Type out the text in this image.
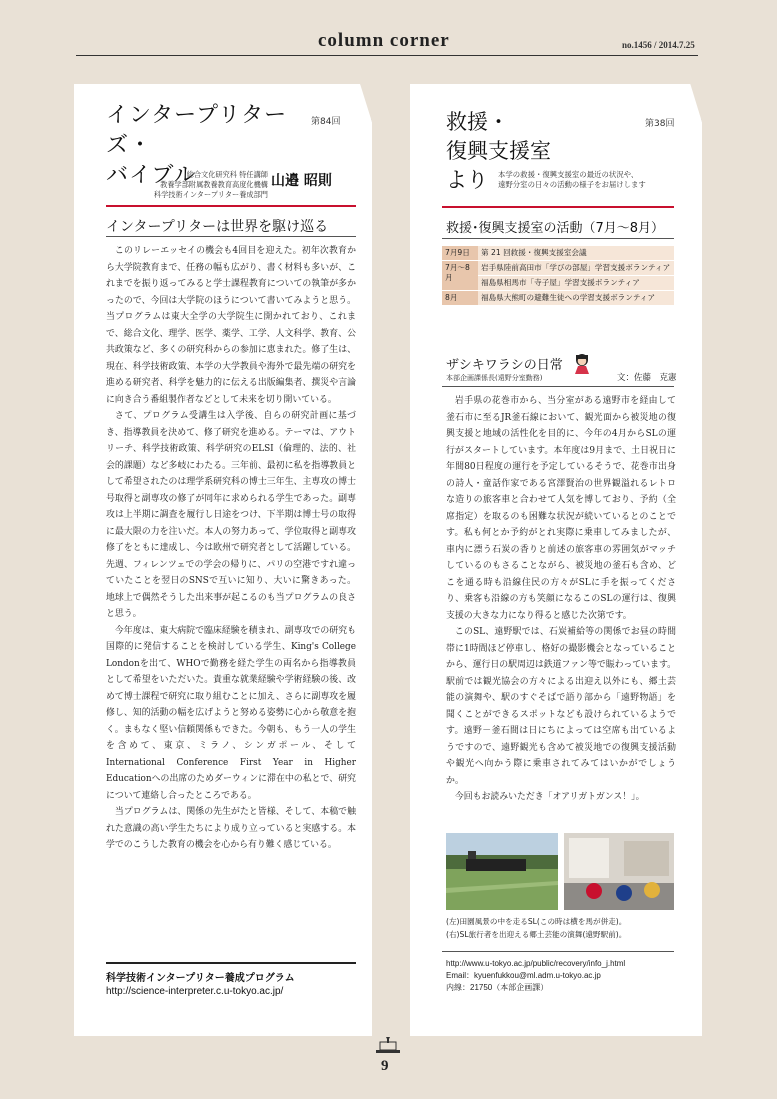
column corner	no.1456 / 2014.7.25
インタープリターズ・
バイブル
第84回
総合文化研究科 特任講師
教養学部附属教養教育高度化機構
科学技術インタープリター養成部門
山邉 昭則
インタープリターは世界を駆け巡る

このリレーエッセイの機会も4回目を迎えた。初年次教育から大学院教育まで、任務の幅も広がり、書く材料も多いが、これまでを振り返ってみると学士課程教育についての執筆が多かったので、今回は大学院のほうについて書いてみようと思う。当プログラムは東大全学の大学院生に開かれており、これまで、総合文化、理学、医学、薬学、工学、人文科学、教育、公共政策など、多くの研究科からの参加に恵まれた。修了生は、現在、科学技術政策、本学の大学教員や海外で最先端の研究を進める研究者、科学を魅力的に伝える出版編集者、撰災や言論に向き合う番組製作者などとして未来を切り開いている。

さて、プログラム受講生は入学後、自らの研究計画に基づき、指導教員を決めて、修了研究を進める。テーマは、アウトリーチ、科学技術政策、科学研究のELSI（倫理的、法的、社会的課題）など多岐にわたる。三年前、最初に私を指導教員として希望されたのは理学系研究科の博士三年生、主専攻の博士号取得と副専攻の修了が同年に求められる学生であった。副専攻は上半期に調査を履行し日途をつけ、下半期は博士号の取得に最大限の力を注いだ。本人の努力あって、学位取得と副専攻修了をともに達成し、今は欧州で研究者として活躍している。先週、フィレンツェでの学会の帰りに、パリの空港ですれ違っていたことを翌日のSNSで互いに知り、大いに驚きあった。地球上で偶然そうした出来事が起こるのも当プログラムの良さと思う。

今年度は、東大病院で臨床経験を積まれ、副専攻での研究も国際的に発信することを検討している学生、King's College Londonを出て、WHOで勤務を経た学生の両名から指導教員として希望をいただいた。貴重な就業経験や学術経験の後、改めて博士課程で研究に取り組むことに加え、さらに副専攻を履修し、知的活動の幅を広げようと努める姿勢に心から敬意を抱く。まもなく堅い信頼関係もできた。今朝も、もう一人の学生を含めて、東京、ミラノ、シンガポール、そしてInternational Conference First Year in Higher Educationへの出席のためダーウィンに滞在中の私とで、研究について連絡し合ったところである。

当プログラムは、関係の先生がたと皆様、そして、本稿で触れた意識の高い学生たちにより成り立っていると実感する。本学でのこうした教育の機会を心から有り難く感じている。

科学技術インタープリター養成プログラム
http://science-interpreter.c.u-tokyo.ac.jp/
救援・
復興支援室
より
第38回
本学の救援・復興支援室の最近の状況や、
遠野分室の日々の活動の様子をお届けします
救援･復興支援室の活動（7月〜8月）
7月9日	第 21 回救援・復興支援室会議
7月〜8月	岩手県陸前高田市「学びの部屋」学習支援ボランティア
	福島県相馬市「寺子屋」学習支援ボランティア
8月	福島県大熊町の避難生徒への学習支援ボランティア
ザシキワラシの日常
本部企画課係長(遠野分室勤務)	文：佐藤　克憲

岩手県の花巻市から、当分室がある遠野市を経由して釜石市に至るJR釜石線において、観光面から被災地の復興支援と地域の活性化を目的に、今年の4月からSLの運行がスタートしています。本年度は9月まで、土日祝日に年間80日程度の運行を予定しているそうで、花巻市出身の詩人・童話作家である宮澤賢治の世界観溢れるレトロな造りの旅客車と合わせて人気を博しており、予約（全席指定）を取るのも困難な状況が続いているとのことです。私も何とか予約がとれ実際に乗車してみましたが、車内に漂う石炭の香りと前述の旅客車の雰囲気がマッチしているのもさることながら、被災地の釜石も含め、どこを通る時も沿線住民の方々がSLに手を振ってくださり、乗客も沿線の方も笑顔になるこのSLの運行は、復興支援の大きな力になり得ると感じた次第です。

このSL、遠野駅では、石炭補給等の関係でお昼の時間帯に1時間ほど停車し、格好の撮影機会となっていることから、運行日の駅周辺は鉄道ファン等で賑わっています。駅前では観光協会の方々による出迎え以外にも、郷土芸能の演舞や、駅のすぐそばで語り部から「遠野物語」を聞くことができるスポットなども設けられているようです。遠野－釜石間は日にちによっては空席も出ているようですので、遠野観光も含めて被災地での復興支援活動や観光へ向かう際に乗車されてみてはいかがでしょうか。

今回もお読みいただき「オアリガトガンス！」。

(左)田園風景の中を走るSL(この時は横を馬が併走)。
(右)SL旅行者を出迎える郷土芸能の演舞(遠野駅前)。
http://www.u-tokyo.ac.jp/public/recovery/info_j.html
Email：kyuenfukkou@ml.adm.u-tokyo.ac.jp
内線：21750（本部企画課）
9
